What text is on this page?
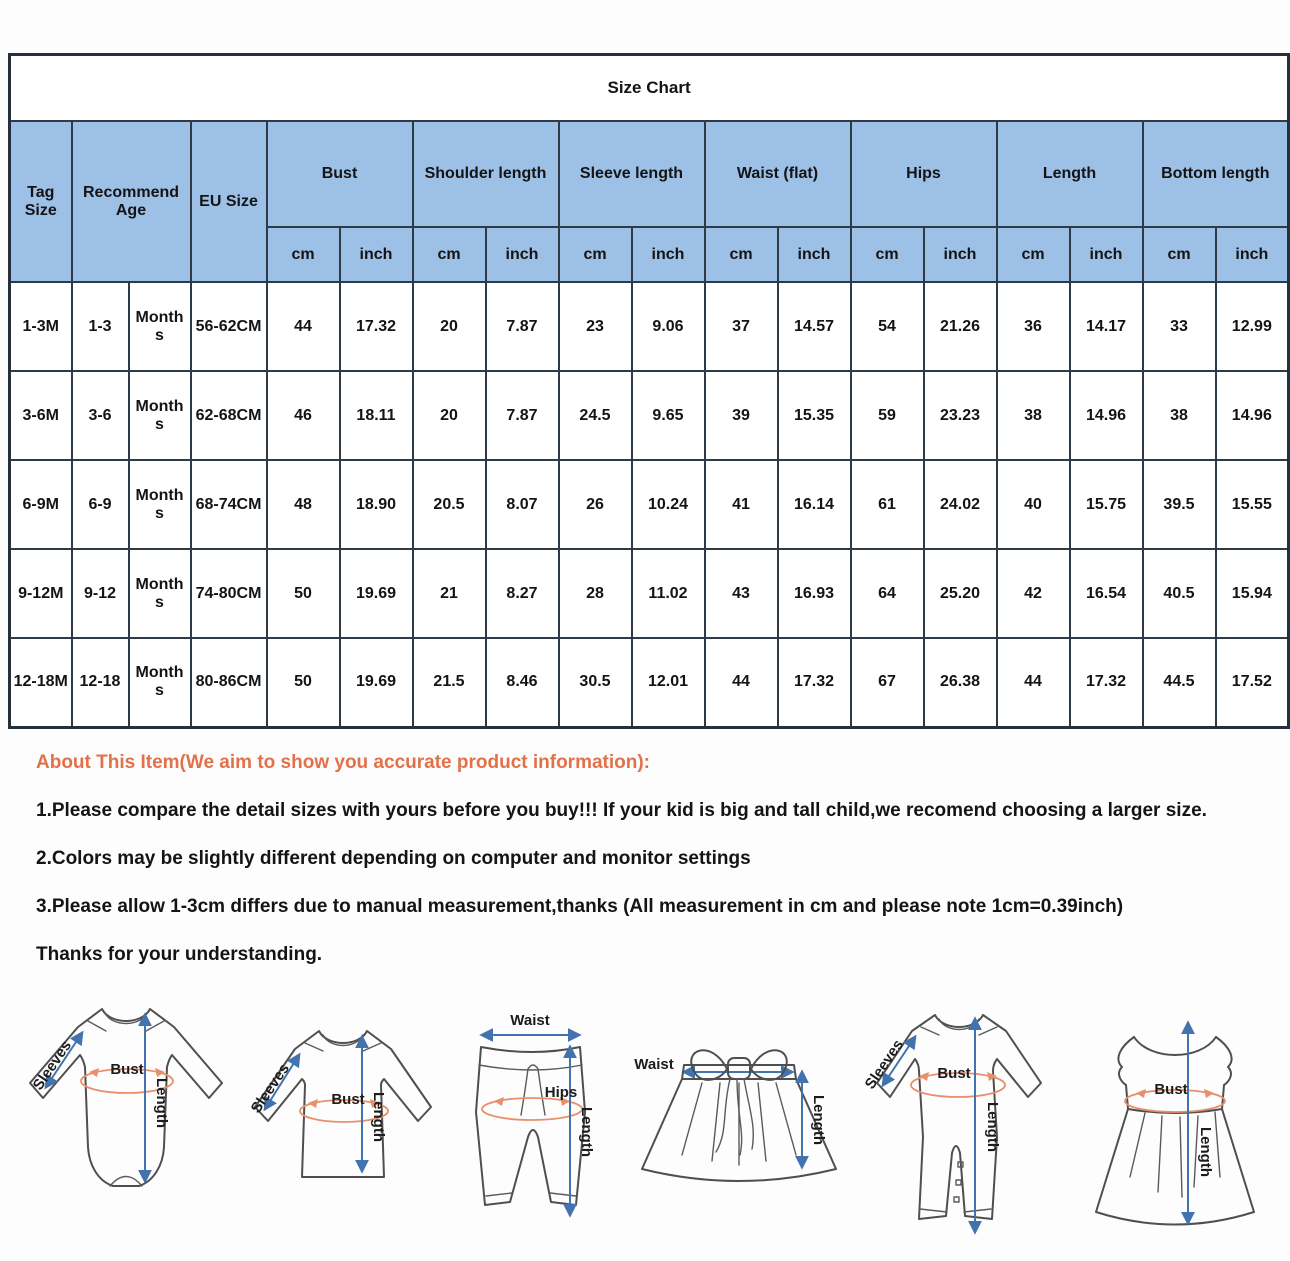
Size Chart																	
Tag Size	Recommend Age		EU Size	Bust		Shoulder length		Sleeve length		Waist (flat)		Hips		Length		Bottom length	
				cm	inch	cm	inch	cm	inch	cm	inch	cm	inch	cm	inch	cm	inch
1-3M	1-3	Months	56-62CM	44	17.32	20	7.87	23	9.06	37	14.57	54	21.26	36	14.17	33	12.99
3-6M	3-6	Months	62-68CM	46	18.11	20	7.87	24.5	9.65	39	15.35	59	23.23	38	14.96	38	14.96
6-9M	6-9	Months	68-74CM	48	18.90	20.5	8.07	26	10.24	41	16.14	61	24.02	40	15.75	39.5	15.55
9-12M	9-12	Months	74-80CM	50	19.69	21	8.27	28	11.02	43	16.93	64	25.20	42	16.54	40.5	15.94
12-18M	12-18	Months	80-86CM	50	19.69	21.5	8.46	30.5	12.01	44	17.32	67	26.38	44	17.32	44.5	17.52
About This Item(We aim to show you accurate product information):

1.Please compare the detail sizes with yours before you buy!!! If your kid is big and tall child,we recomend choosing a larger size.

2.Colors may be slightly different depending on computer and monitor settings

3.Please allow 1-3cm differs due to manual measurement,thanks (All measurement in cm and please note 1cm=0.39inch)

Thanks for your understanding.

Sleeves Bust
Length	Sleeves	Bust Length
Waist
Hips
Length
Waist
Length
Sleeves Bust
Length
Bust
Length
